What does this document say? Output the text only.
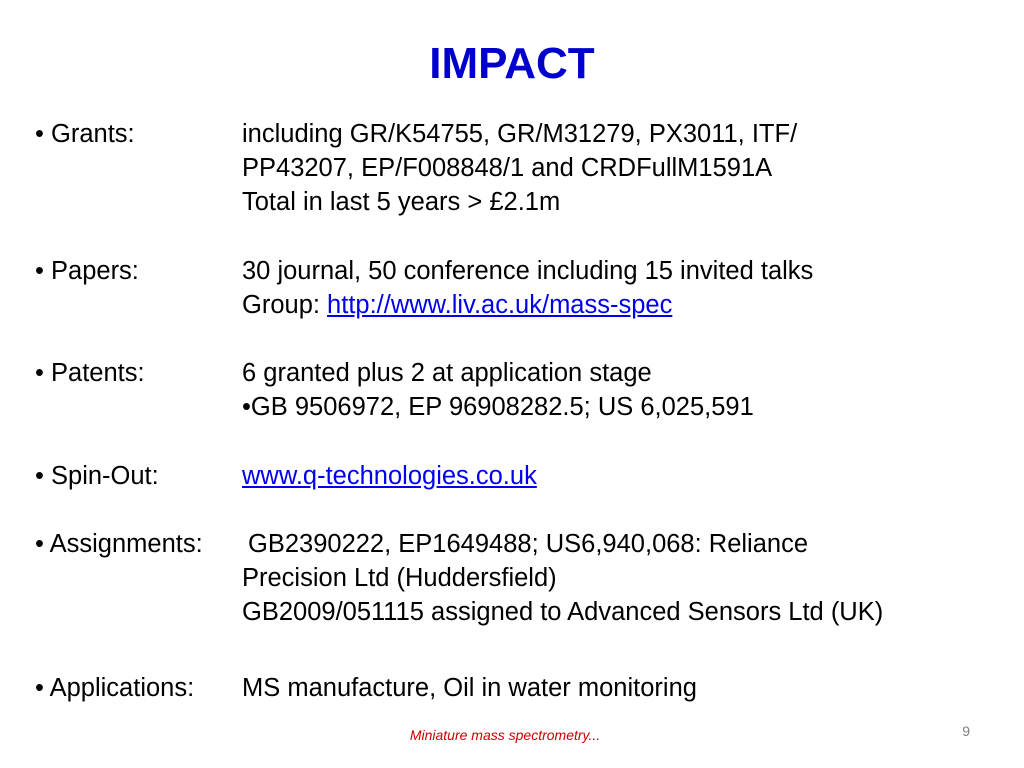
IMPACT
• Grants:	including GR/K54755, GR/M31279, PX3011, ITF/
PP43207, EP/F008848/1 and CRDFullM1591A
Total in last 5 years > £2.1m
• Papers:	30 journal, 50 conference including 15 invited talks
Group: http://www.liv.ac.uk/mass-spec
• Patents:	6 granted plus 2 at application stage
•GB 9506972, EP 96908282.5; US 6,025,591
• Spin-Out:	www.q-technologies.co.uk
• Assignments: GB2390222, EP1649488; US6,940,068: Reliance
Precision Ltd (Huddersfield)
GB2009/051115 assigned to Advanced Sensors Ltd (UK)
• Applications: MS manufacture, Oil in water monitoring
Miniature mass spectrometry...	9
